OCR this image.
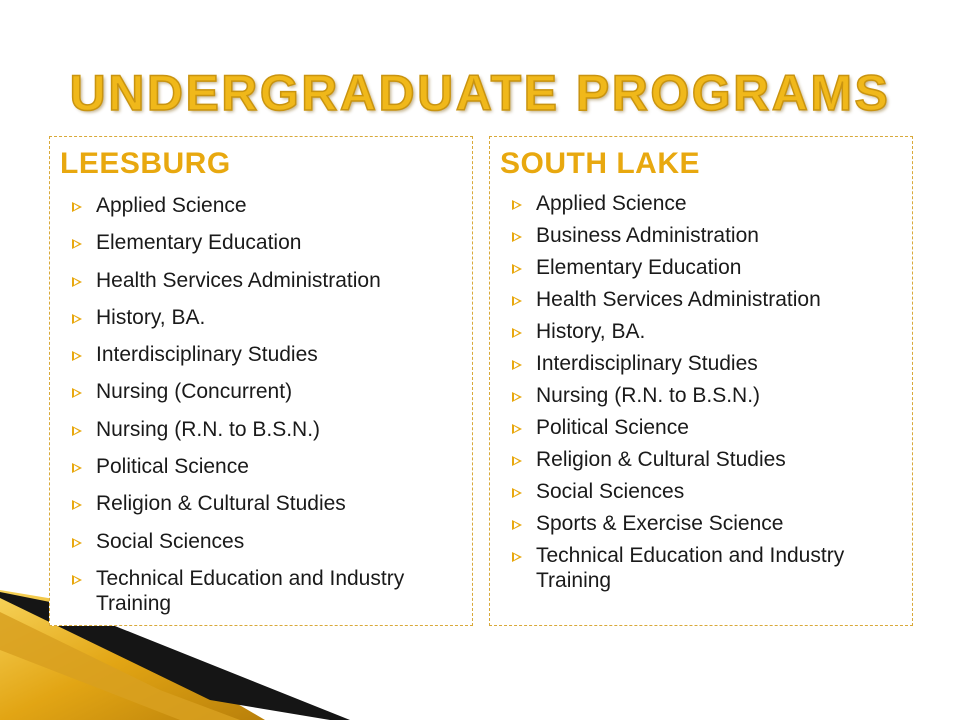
UNDERGRADUATE PROGRAMS
LEESBURG
Applied Science
Elementary Education
Health Services Administration
History, BA.
Interdisciplinary Studies
Nursing (Concurrent)
Nursing (R.N. to B.S.N.)
Political Science
Religion & Cultural Studies
Social Sciences
Technical Education and Industry Training
SOUTH LAKE
Applied Science
Business Administration
Elementary Education
Health Services Administration
History, BA.
Interdisciplinary Studies
Nursing (R.N. to B.S.N.)
Political Science
Religion & Cultural Studies
Social Sciences
Sports & Exercise Science
Technical Education and Industry Training
